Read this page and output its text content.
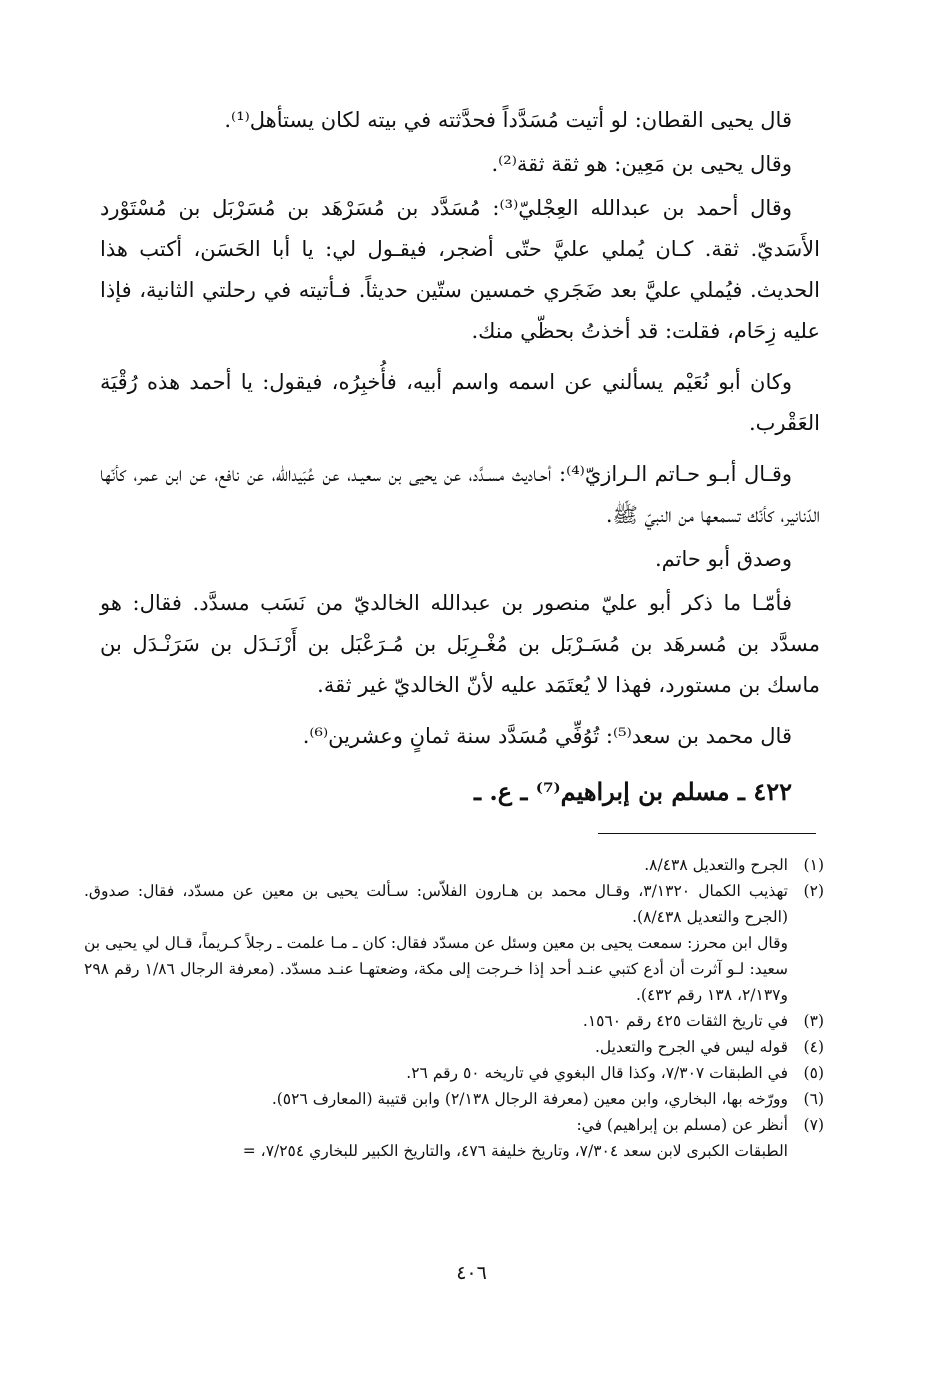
قال يحيى القطان: لو أتيت مُسَدَّداً فحدَّثته في بيته لكان يستأهل⁽¹⁾.

وقال يحيى بن مَعِين: هو ثقة ثقة⁽²⁾.

وقال أحمد بن عبدالله العِجْليّ⁽³⁾: مُسَدَّد بن مُسَرْهَد بن مُسَرْبَل بن مُسْتَوْرد الأَسَديّ. ثقة. كـان يُملي عليَّ حتّى أضجر، فيقـول لي: يا أبا الحَسَن، أكتب هذا الحديث. فيُملي عليَّ بعد ضَجَري خمسين ستّين حديثاً. فـأتيته في رحلتي الثانية، فإذا عليه زِحَام، فقلت: قد أخذتُ بحظّي منك.

وكان أبو نُعَيْم يسألني عن اسمه واسم أبيه، فأُخبِرُه، فيقول: يا أحمد هذه رُقْيَة العَقْرب.

وقـال أبـو حـاتم الـرازيّ⁽⁴⁾: أحـاديث مسـدَّد، عن يحيى بن سعيـد، عن عُبَيدالله، عن نافع، عن ابن عمر، كأنّها الدّنانير، كأنّك تسمعها من النبيّ ﷺ.

وصدق أبو حاتم.

فأمّـا ما ذكر أبو عليّ منصور بن عبدالله الخالديّ من نَسَب مسدَّد. فقال: هو مسدَّد بن مُسرهَد بن مُسَـرْبَل بن مُغْـرِبَل بن مُـرَعْبَل بن أَرْنَـدَل بن سَرَنْـدَل بن ماسك بن مستورد، فهذا لا يُعتَمَد عليه لأنّ الخالديّ غير ثقة.

قال محمد بن سعد⁽⁵⁾: تُوُفِّي مُسَدَّد سنة ثمانٍ وعشرين⁽⁶⁾.

٤٢٢ ـ مسلم بن إبراهيم⁽⁷⁾ ـ ع. ـ

(١)
الجرح والتعديل ٨/٤٣٨.
(٢)
تهذيب الكمال ٣/١٣٢٠، وقـال محمد بن هـارون الفلاّس: سـألت يحيى بن معين عن مسدّد، فقال: صدوق. (الجرح والتعديل ٨/٤٣٨).
وقال ابن محرز: سمعت يحيى بن معين وسئل عن مسدّد فقال: كان ـ مـا علمت ـ رجلاً كـريماً، قـال لي يحيى بن سعيد: لـو آثرت أن أدع كتبي عنـد أحد إذا خـرجت إلى مكة، وضعتهـا عنـد مسدّد. (معرفة الرجال ١/٨٦ رقم ٢٩٨ و٢/١٣٧، ١٣٨ رقم ٤٣٢).
(٣)
في تاريخ الثقات ٤٢٥ رقم ١٥٦٠.
(٤)
قوله ليس في الجرح والتعديل.
(٥)
في الطبقات ٧/٣٠٧، وكذا قال البغوي في تاريخه ٥٠ رقم ٢٦.
(٦)
وورّخه بها، البخاري، وابن معين (معرفة الرجال ٢/١٣٨) وابن قتيبة (المعارف ٥٢٦).
(٧)
أنظر عن (مسلم بن إبراهيم) في:
الطبقات الكبرى لابن سعد ٧/٣٠٤، وتاريخ خليفة ٤٧٦، والتاريخ الكبير للبخاري ٧/٢٥٤، =
٤٠٦
